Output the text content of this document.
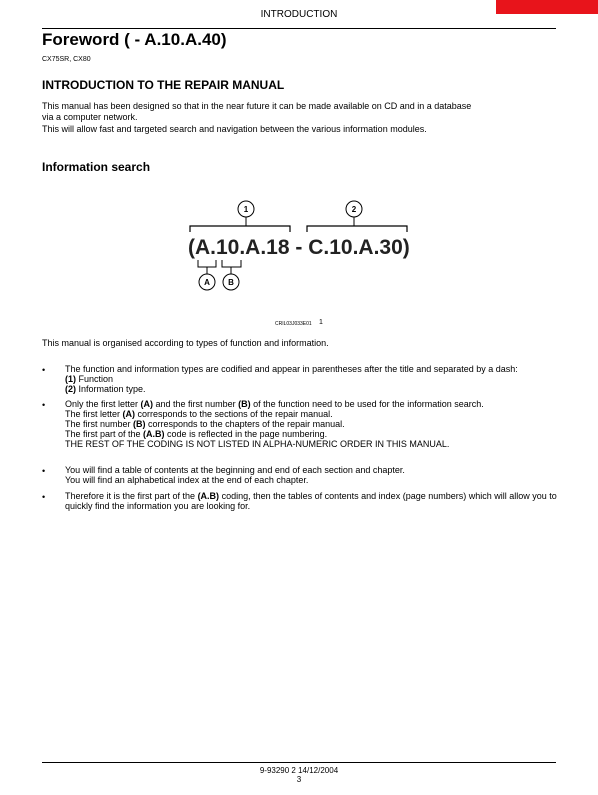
INTRODUCTION
Foreword ( - A.10.A.40)
CX75SR, CX80
INTRODUCTION TO THE REPAIR MANUAL
This manual has been designed so that in the near future it can be made available on CD and in a database
via a computer network.
This will allow fast and targeted search and navigation between the various information modules.
Information search
1	2
(A.10.A.18 - C.10.A.30)
A B
CRIL03J033E01 1
This manual is organised according to types of function and information.
• The function and information types are codified and appear in parentheses after the title and separated by a dash:
(1) Function
(2) Information type.
• Only the first letter (A) and the first number (B) of the function need to be used for the information search.
The first letter (A) corresponds to the sections of the repair manual.
The first number (B) corresponds to the chapters of the repair manual.
The first part of the (A.B) code is reflected in the page numbering.
THE REST OF THE CODING IS NOT LISTED IN ALPHA-NUMERIC ORDER IN THIS MANUAL.
• You will find a table of contents at the beginning and end of each section and chapter.
You will find an alphabetical index at the end of each chapter.
• Therefore it is the first part of the (A.B) coding, then the tables of contents and index (page numbers) which will allow you to
quickly find the information you are looking for.
9-93290 2 14/12/2004
3
